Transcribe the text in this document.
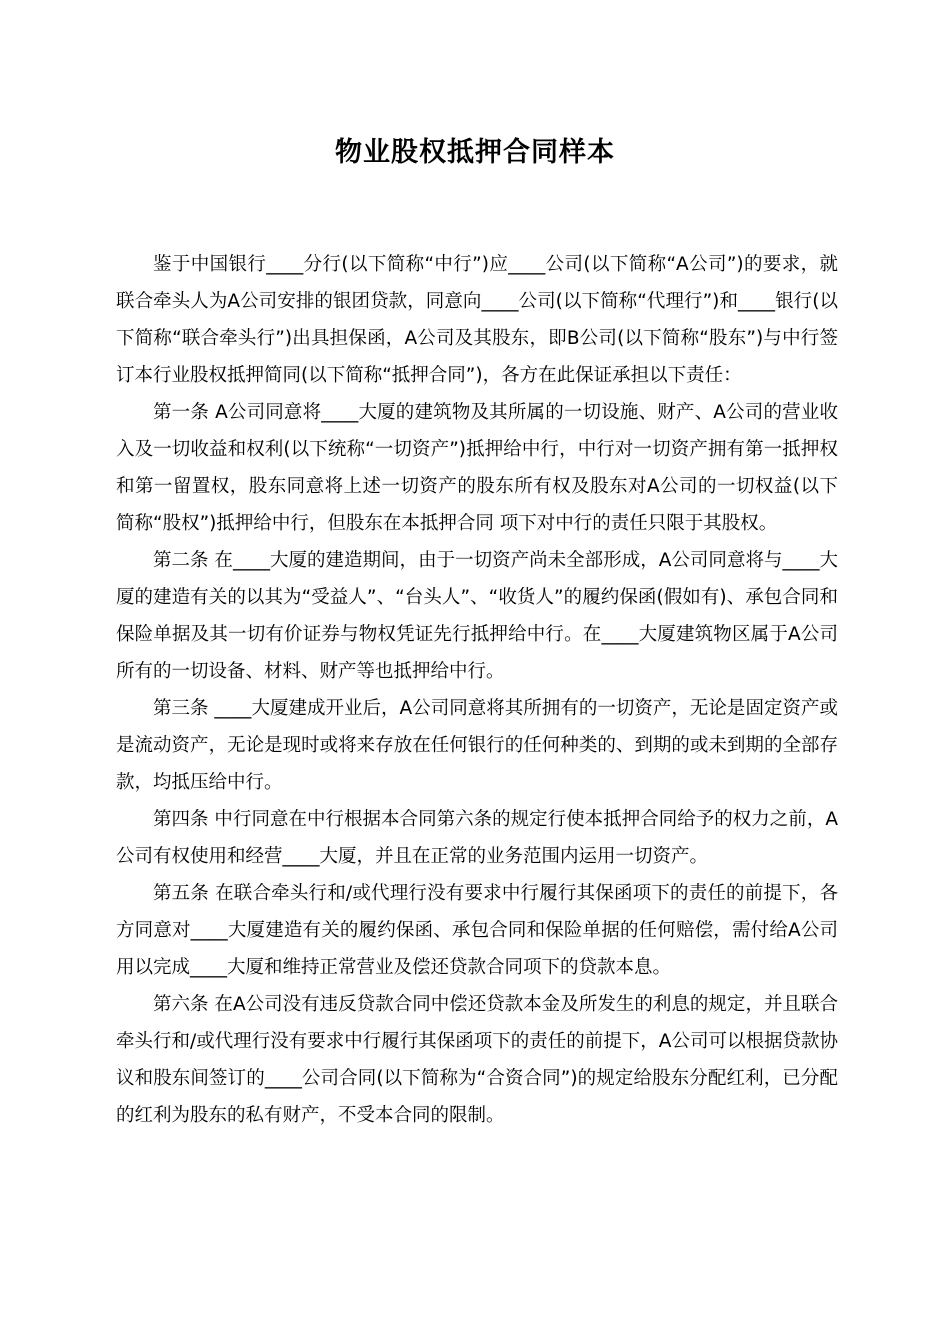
物业股权抵押合同样本

鉴于中国银行____分行(以下简称“中行”)应____公司(以下简称“A公司”)的要求，就联合牵头人为A公司安排的银团贷款，同意向____公司(以下简称“代理行”)和____银行(以下简称“联合牵头行”)出具担保函，A公司及其股东，即B公司(以下简称“股东”)与中行签订本行业股权抵押简同(以下简称“抵押合同”)，各方在此保证承担以下责任：

第一条 A公司同意将____大厦的建筑物及其所属的一切设施、财产、A公司的营业收入及一切收益和权利(以下统称“一切资产”)抵押给中行，中行对一切资产拥有第一抵押权和第一留置权，股东同意将上述一切资产的股东所有权及股东对A公司的一切权益(以下简称“股权”)抵押给中行，但股东在本抵押合同 项下对中行的责任只限于其股权。

第二条 在____大厦的建造期间，由于一切资产尚未全部形成，A公司同意将与____大厦的建造有关的以其为“受益人”、“台头人”、“收货人”的履约保函(假如有)、承包合同和保险单据及其一切有价证券与物权凭证先行抵押给中行。在____大厦建筑物区属于A公司所有的一切设备、材料、财产等也抵押给中行。

第三条 ____大厦建成开业后，A公司同意将其所拥有的一切资产，无论是固定资产或是流动资产，无论是现时或将来存放在任何银行的任何种类的、到期的或未到期的全部存款，均抵压给中行。

第四条 中行同意在中行根据本合同第六条的规定行使本抵押合同给予的权力之前，A公司有权使用和经营____大厦，并且在正常的业务范围内运用一切资产。

第五条 在联合牵头行和/或代理行没有要求中行履行其保函项下的责任的前提下，各方同意对____大厦建造有关的履约保函、承包合同和保险单据的任何赔偿，需付给A公司用以完成____大厦和维持正常营业及偿还贷款合同项下的贷款本息。

第六条 在A公司没有违反贷款合同中偿还贷款本金及所发生的利息的规定，并且联合牵头行和/或代理行没有要求中行履行其保函项下的责任的前提下，A公司可以根据贷款协议和股东间签订的____公司合同(以下简称为“合资合同”)的规定给股东分配红利，已分配的红利为股东的私有财产，不受本合同的限制。
